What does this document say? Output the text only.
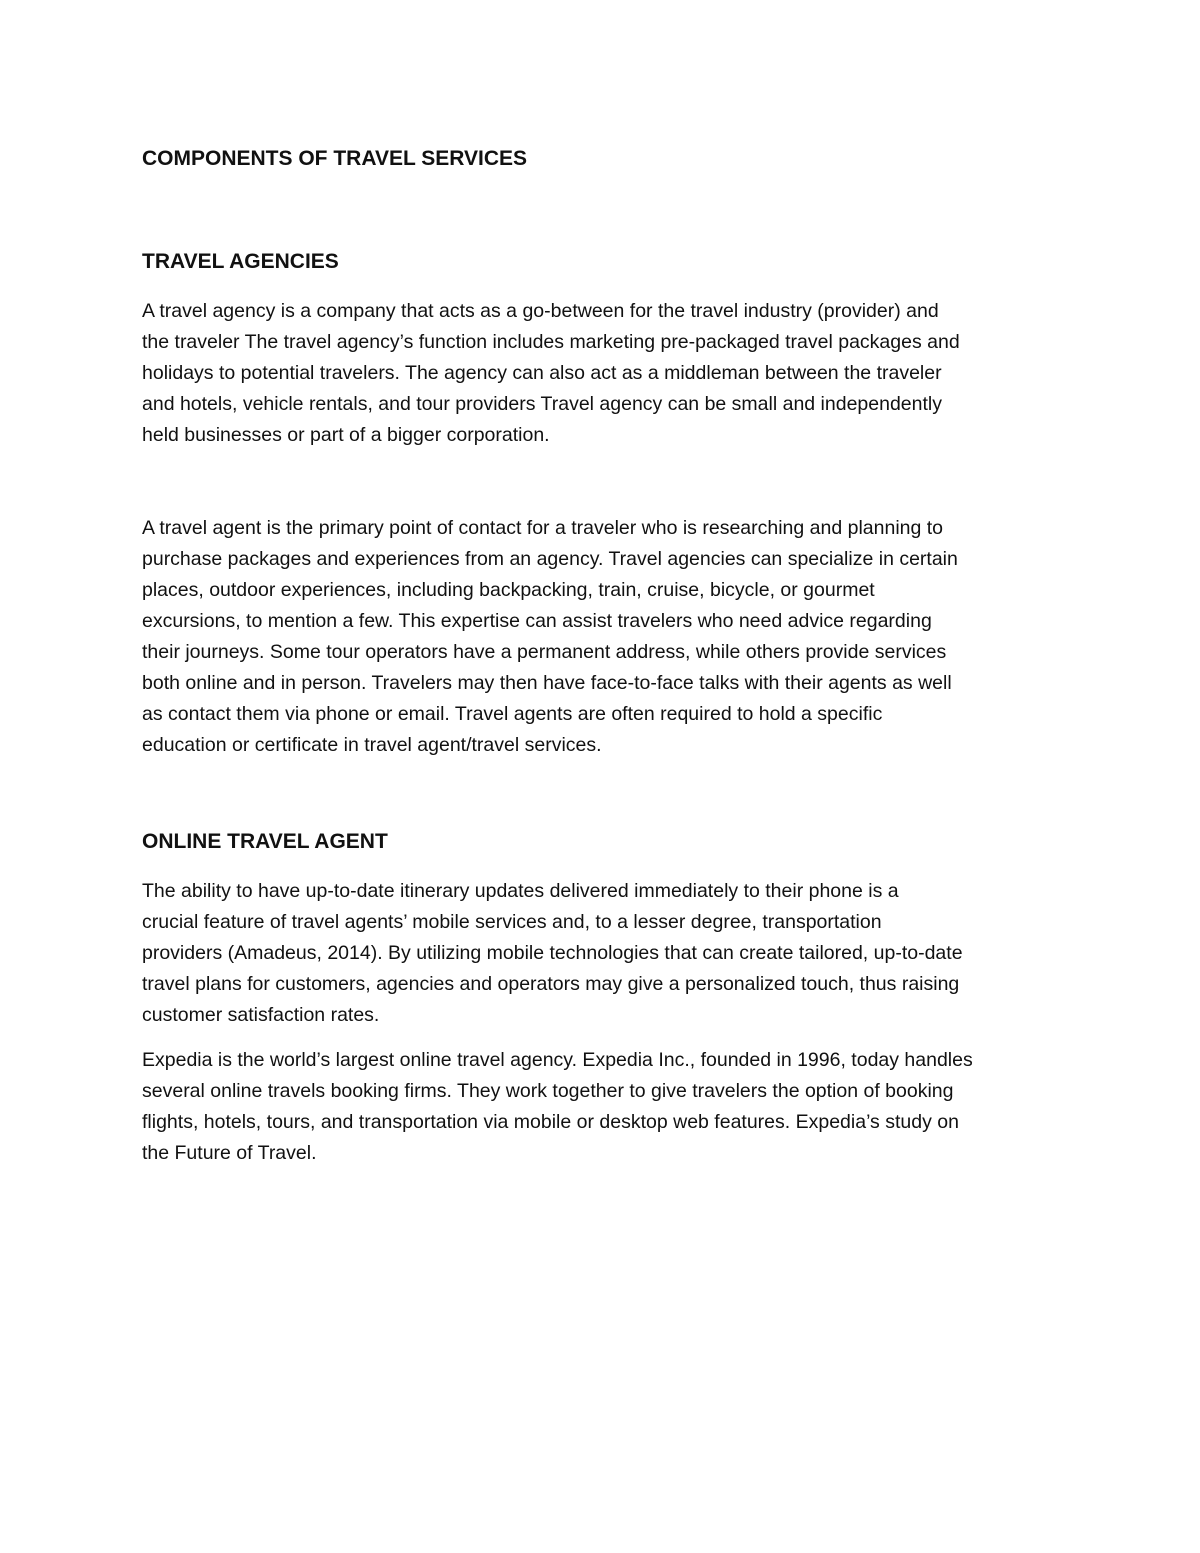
COMPONENTS OF TRAVEL SERVICES
TRAVEL AGENCIES

A travel agency is a company that acts as a go-between for the travel industry (provider) and
the traveler The travel agency’s function includes marketing pre-packaged travel packages and
holidays to potential travelers. The agency can also act as a middleman between the traveler
and hotels, vehicle rentals, and tour providers Travel agency can be small and independently
held businesses or part of a bigger corporation.

A travel agent is the primary point of contact for a traveler who is researching and planning to
purchase packages and experiences from an agency. Travel agencies can specialize in certain
places, outdoor experiences, including backpacking, train, cruise, bicycle, or gourmet
excursions, to mention a few. This expertise can assist travelers who need advice regarding
their journeys. Some tour operators have a permanent address, while others provide services
both online and in person. Travelers may then have face-to-face talks with their agents as well
as contact them via phone or email. Travel agents are often required to hold a specific
education or certificate in travel agent/travel services.

ONLINE TRAVEL AGENT

The ability to have up-to-date itinerary updates delivered immediately to their phone is a
crucial feature of travel agents’ mobile services and, to a lesser degree, transportation
providers (Amadeus, 2014). By utilizing mobile technologies that can create tailored, up-to-date
travel plans for customers, agencies and operators may give a personalized touch, thus raising
customer satisfaction rates.

Expedia is the world’s largest online travel agency. Expedia Inc., founded in 1996, today handles
several online travels booking firms. They work together to give travelers the option of booking
flights, hotels, tours, and transportation via mobile or desktop web features. Expedia’s study on
the Future of Travel.
